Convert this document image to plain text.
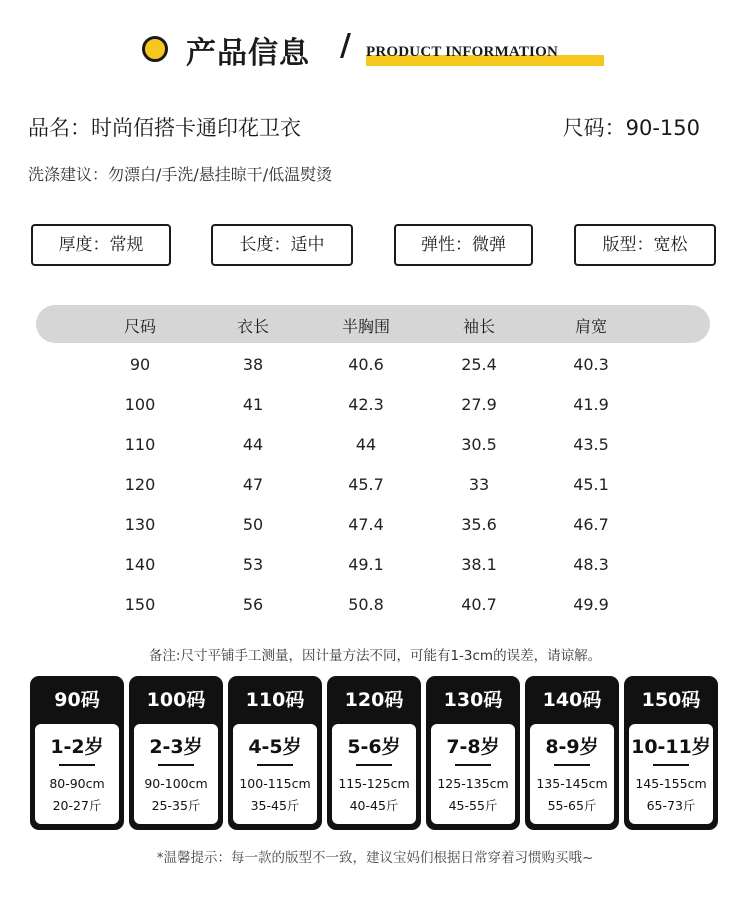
产品信息 / PRODUCT INFORMATION
品名：时尚佰搭卡通印花卫衣	尺码：90-150
洗涤建议：勿漂白/手洗/悬挂晾干/低温熨烫
厚度：常规	长度：适中	弹性：微弹	版型：宽松
尺码	衣长	半胸围	袖长	肩宽
90	38	40.6	25.4	40.3
100	41	42.3	27.9	41.9
110	44	44	30.5	43.5
120	47	45.7	33	45.1
130	50	47.4	35.6	46.7
140	53	49.1	38.1	48.3
150	56	50.8	40.7	49.9
备注:尺寸平铺手工测量，因计量方法不同，可能有1-3cm的误差，请谅解。
90码
1-2岁
80-90cm
20-27斤
100码
2-3岁
90-100cm
25-35斤
110码
4-5岁
100-115cm
35-45斤
120码
5-6岁
115-125cm
40-45斤
130码
7-8岁
125-135cm
45-55斤
140码
8-9岁
135-145cm
55-65斤
150码
10-11岁
145-155cm
65-73斤
*温馨提示：每一款的版型不一致，建议宝妈们根据日常穿着习惯购买哦~
